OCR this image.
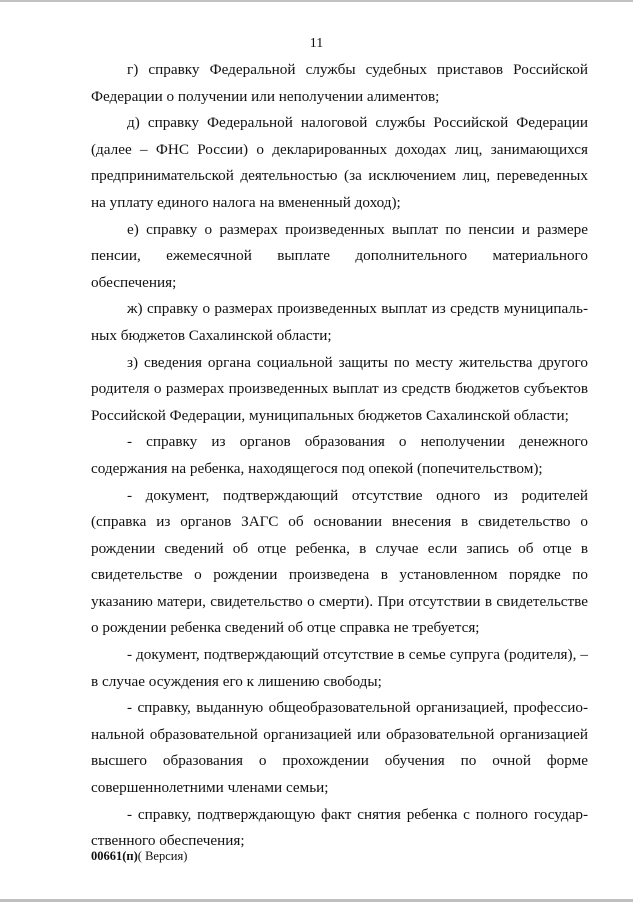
11

г) справку Федеральной службы судебных приставов Российской Федерации о получении или неполучении алиментов;

д) справку Федеральной налоговой службы Российской Федерации (далее – ФНС России) о декларированных доходах лиц, занимающихся предпринимательской деятельностью (за исключением лиц, переведенных на уплату единого налога на вмененный доход);

е) справку о размерах произведенных выплат по пенсии и размере пенсии, ежемесячной выплате дополнительного материального обеспечения;

ж) справку о размерах произведенных выплат из средств муниципальных бюджетов Сахалинской области;

з) сведения органа социальной защиты по месту жительства другого родителя о размерах произведенных выплат из средств бюджетов субъектов Российской Федерации, муниципальных бюджетов Сахалинской области;

- справку из органов образования о неполучении денежного содержания на ребенка, находящегося под опекой (попечительством);

- документ, подтверждающий отсутствие одного из родителей (справка из органов ЗАГС об основании внесения в свидетельство о рождении сведений об отце ребенка, в случае если запись об отце в свидетельстве о рождении произведена в установленном порядке по указанию матери, свидетельство о смерти). При отсутствии в свидетельстве о рождении ребенка сведений об отце справка не требуется;

- документ, подтверждающий отсутствие в семье супруга (родителя), – в случае осуждения его к лишению свободы;

- справку, выданную общеобразовательной организацией, профессиональной образовательной организацией или образовательной организацией высшего образования о прохождении обучения по очной форме совершеннолетними членами семьи;

- справку, подтверждающую факт снятия ребенка с полного государственного обеспечения;

00661(п)( Версия)
